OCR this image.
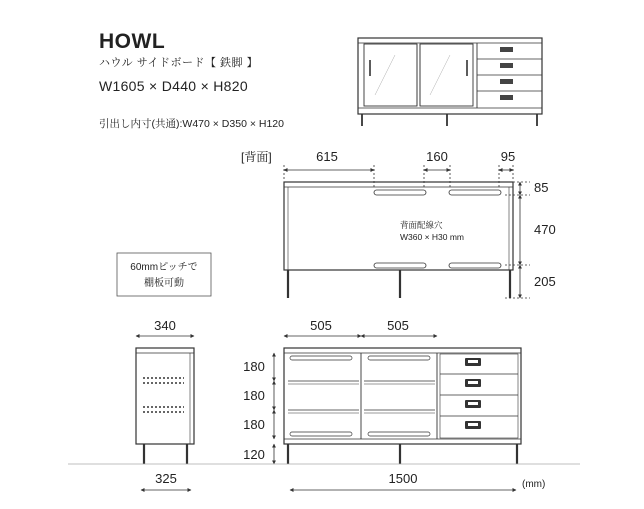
HOWL
ハウル サイドボード【 鉄脚 】
W1605 × D440 × H820
引出し内寸(共通):W470 × D350 × H120
[背面]	615	160	95
85
470
205
背面配線穴
W360 × H30 mm
60mmピッチで
棚板可動
340
325
505	505
180
180
180
120
1500	(mm)
